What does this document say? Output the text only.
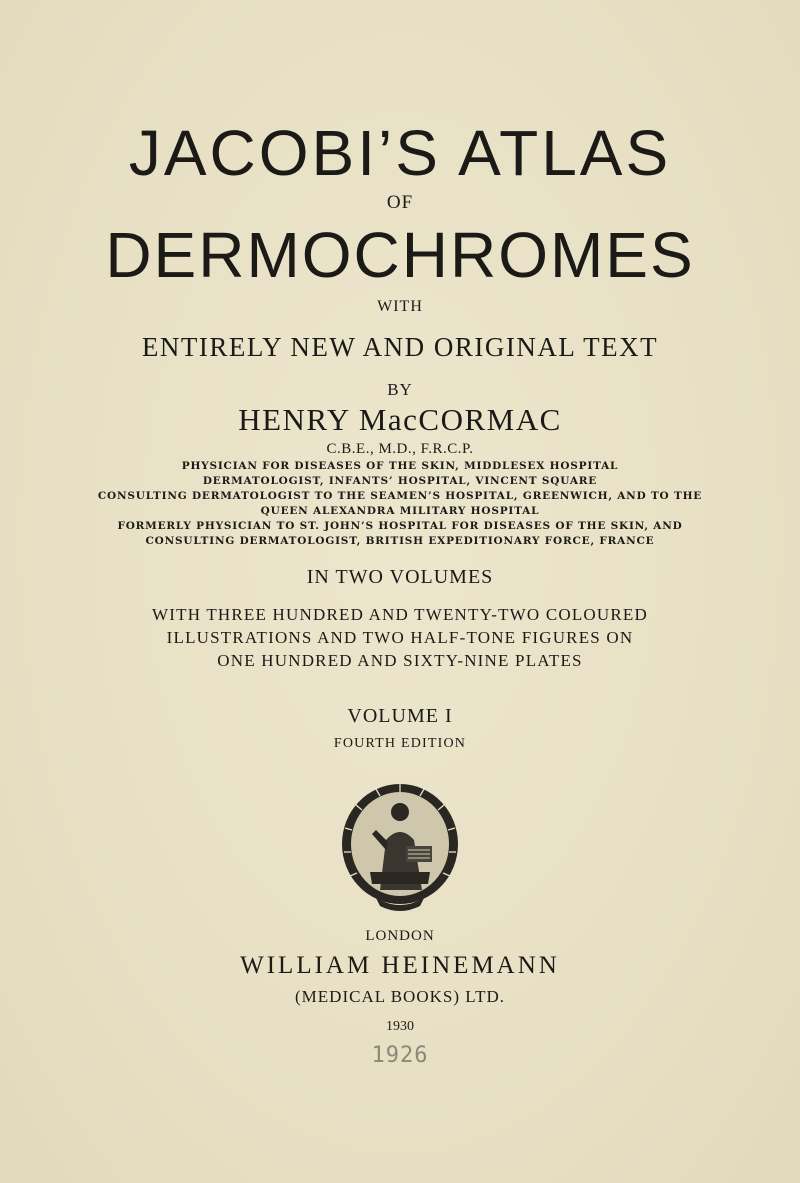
JACOBI’S ATLAS
OF
DERMOCHROMES
WITH
ENTIRELY NEW AND ORIGINAL TEXT
BY
HENRY MacCORMAC
C.B.E., M.D., F.R.C.P.
PHYSICIAN FOR DISEASES OF THE SKIN, MIDDLESEX HOSPITAL
DERMATOLOGIST, INFANTS’ HOSPITAL, VINCENT SQUARE
CONSULTING DERMATOLOGIST TO THE SEAMEN’S HOSPITAL, GREENWICH, AND TO THE
QUEEN ALEXANDRA MILITARY HOSPITAL
FORMERLY PHYSICIAN TO ST. JOHN’S HOSPITAL FOR DISEASES OF THE SKIN, AND
CONSULTING DERMATOLOGIST, BRITISH EXPEDITIONARY FORCE, FRANCE
IN TWO VOLUMES
WITH THREE HUNDRED AND TWENTY-TWO COLOURED
ILLUSTRATIONS AND TWO HALF-TONE FIGURES ON
ONE HUNDRED AND SIXTY-NINE PLATES
VOLUME I
FOURTH EDITION
LONDON
WILLIAM HEINEMANN
(MEDICAL BOOKS) LTD.
1930
1926
